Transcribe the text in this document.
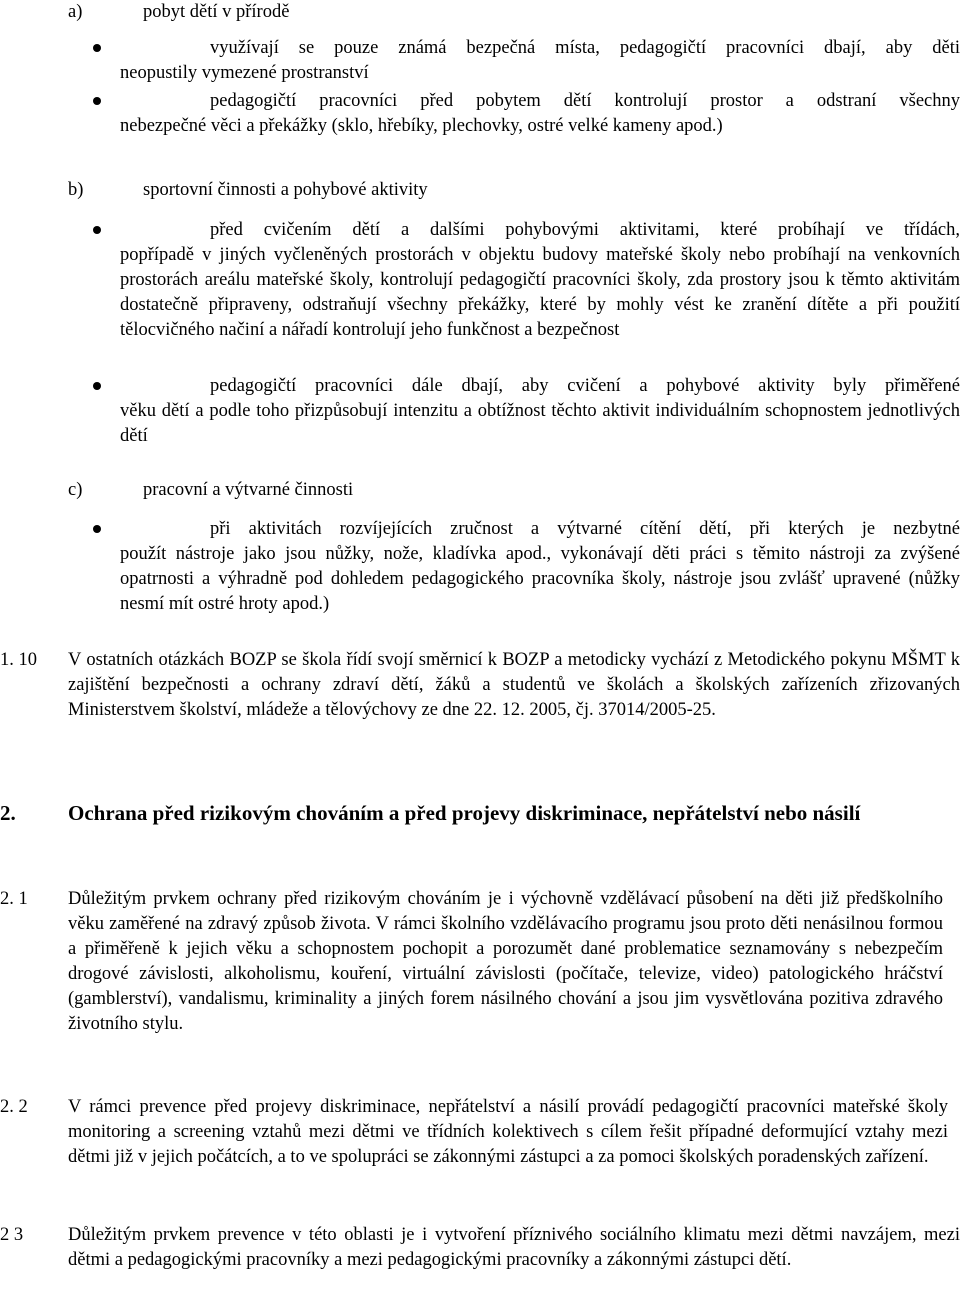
a)	pobyt dětí v přírodě
využívají se pouze známá bezpečná místa, pedagogičtí pracovníci dbají, aby děti
neopustily vymezené prostranství
pedagogičtí pracovníci před pobytem dětí kontrolují prostor a odstraní všechny
nebezpečné věci a překážky (sklo, hřebíky, plechovky, ostré velké kameny apod.)
b)	sportovní činnosti a pohybové aktivity
před cvičením dětí a dalšími pohybovými aktivitami, které probíhají ve třídách,
popřípadě v jiných vyčleněných prostorách v objektu budovy mateřské školy nebo probíhají na venkovních prostorách areálu mateřské školy, kontrolují pedagogičtí pracovníci školy, zda prostory jsou k těmto aktivitám dostatečně připraveny, odstraňují všechny překážky, které by mohly vést ke zranění dítěte a při použití tělocvičného načiní a nářadí kontrolují jeho funkčnost a bezpečnost
pedagogičtí pracovníci dále dbají, aby cvičení a pohybové aktivity byly přiměřené
věku dětí a podle toho přizpůsobují intenzitu a obtížnost těchto aktivit individuálním schopnostem jednotlivých dětí
c)	pracovní a výtvarné činnosti
při aktivitách rozvíjejících zručnost a výtvarné cítění dětí, při kterých je nezbytné
použít nástroje jako jsou nůžky, nože, kladívka apod., vykonávají děti práci s těmito nástroji za zvýšené opatrnosti a výhradně pod dohledem pedagogického pracovníka školy, nástroje jsou zvlášť upravené (nůžky nesmí mít ostré hroty apod.)
1. 10 V ostatních otázkách BOZP se škola řídí svojí směrnicí k BOZP a metodicky vychází z Metodického pokynu MŠMT k zajištění bezpečnosti a ochrany zdraví dětí, žáků a studentů ve školách a školských zařízeních zřizovaných Ministerstvem školství, mládeže a tělovýchovy ze dne 22. 12. 2005, čj. 37014/2005-25.
2. Ochrana před rizikovým chováním a před projevy diskriminace, nepřátelství nebo násilí
2. 1 Důležitým prvkem ochrany před rizikovým chováním je i výchovně vzdělávací působení na děti již předškolního věku zaměřené na zdravý způsob života. V rámci školního vzdělávacího programu jsou proto děti nenásilnou formou a přiměřeně k jejich věku a schopnostem pochopit a porozumět dané problematice seznamovány s nebezpečím drogové závislosti, alkoholismu, kouření, virtuální závislosti (počítače, televize, video) patologického hráčství (gamblerství), vandalismu, kriminality a jiných forem násilného chování a jsou jim vysvětlována pozitiva zdravého životního stylu.
2. 2 V rámci prevence před projevy diskriminace, nepřátelství a násilí provádí pedagogičtí pracovníci mateřské školy monitoring a screening vztahů mezi dětmi ve třídních kolektivech s cílem řešit případné deformující vztahy mezi dětmi již v jejich počátcích, a to ve spolupráci se zákonnými zástupci a za pomoci školských poradenských zařízení.
2 3 Důležitým prvkem prevence v této oblasti je i vytvoření příznivého sociálního klimatu mezi dětmi navzájem, mezi dětmi a pedagogickými pracovníky a mezi pedagogickými pracovníky a zákonnými zástupci dětí.
